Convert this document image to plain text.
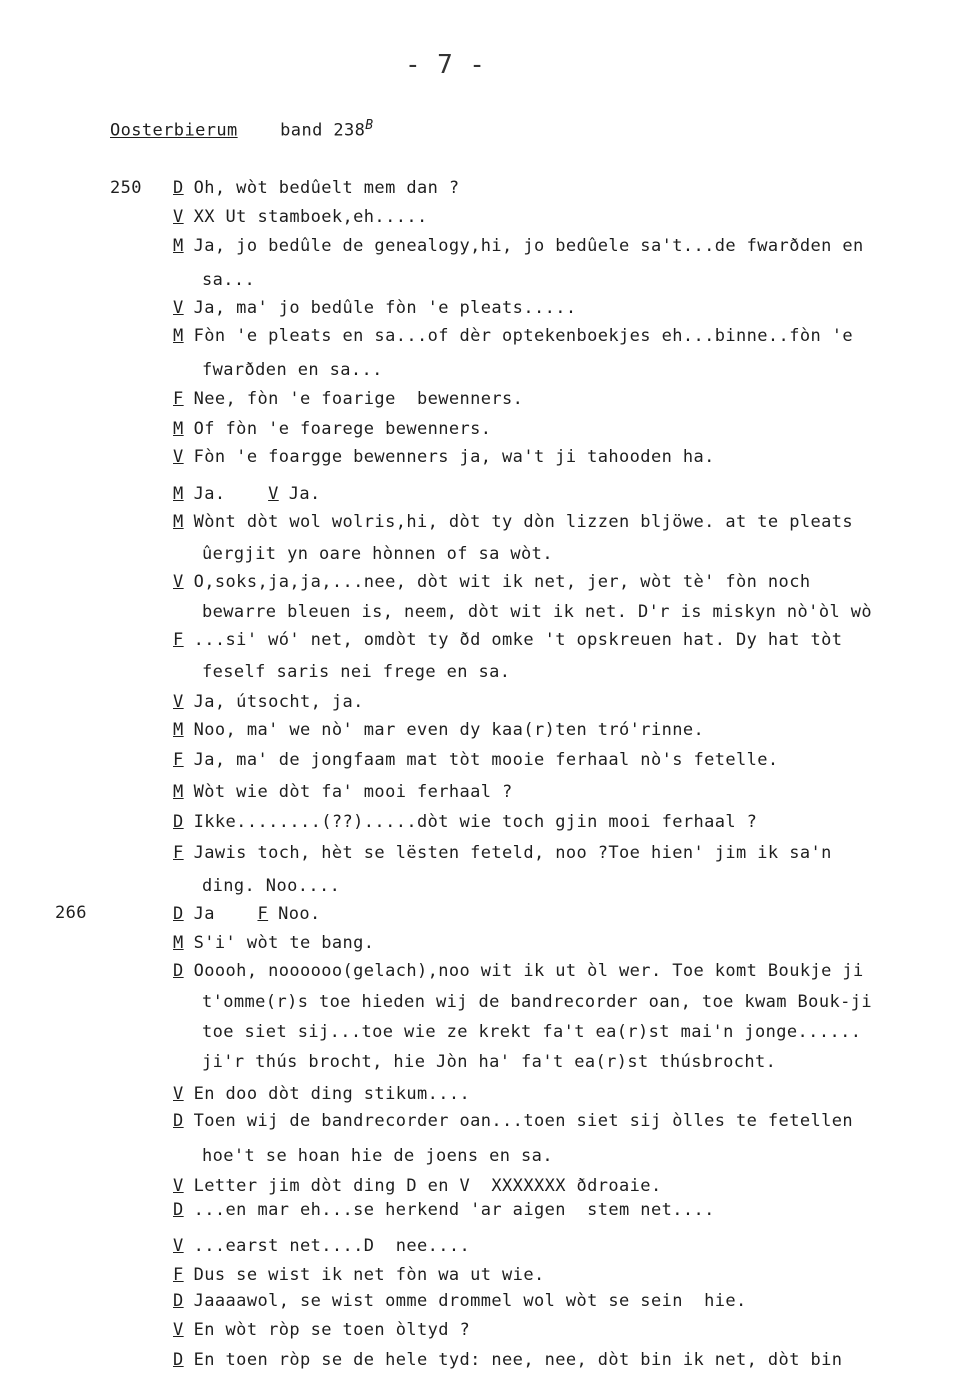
- 7 -
Oosterbierum	band $238^B$
250
266
D Oh, wòt bedûelt mem dan ?
V XX Ut stamboek,eh.....
M Ja, jo bedûle de genealogy,hi, jo bedûele sa't...de fwarðden en
sa...
V Ja, ma' jo bedûle fòn 'e pleats.....
M Fòn 'e pleats en sa...of dèr optekenboekjes eh...binne..fòn 'e
fwarðden en sa...
F Nee, fòn 'e foarige  bewenners.
M Of fòn 'e foarege bewenners.
V Fòn 'e foargge bewenners ja, wa't ji tahooden ha.
M Ja.	V Ja.
M Wònt dòt wol wolris,hi, dòt ty dòn lizzen bljöwe. at te pleats
ûergjit yn oare hònnen of sa wòt.
V O,soks,ja,ja,...nee, dòt wit ik net, jer, wòt tè' fòn noch
bewarre bleuen is, neem, dòt wit ik net. D'r is miskyn nò'òl wò
F ...si' wó' net, omdòt ty ðd omke 't opskreuen hat. Dy hat tòt
feself saris nei frege en sa.
V Ja, útsocht, ja.
M Noo, ma' we nò' mar even dy kaa(r)ten tró'rinne.
F Ja, ma' de jongfaam mat tòt mooie ferhaal nò's fetelle.
M Wòt wie dòt fa' mooi ferhaal ?
D Ikke........(??).....dòt wie toch gjin mooi ferhaal ?
F Jawis toch, hèt se lësten feteld, noo ?Toe hien' jim ik sa'n
ding. Noo....
D Ja	F Noo.
M S'i' wòt te bang.
D Ooooh, noooooo(gelach),noo wit ik ut òl wer. Toe komt Boukje ji
t'omme(r)s toe hieden wij de bandrecorder oan, toe kwam Bouk-ji
toe siet sij...toe wie ze krekt fa't ea(r)st mai'n jonge......
ji'r thús brocht, hie Jòn ha' fa't ea(r)st thúsbrocht.
V En doo dòt ding stikum....
D Toen wij de bandrecorder oan...toen siet sij òlles te fetellen
hoe't se hoan hie de joens en sa.
V Letter jim dòt ding D en V  XXXXXXX ðdroaie.
D ...en mar eh...se herkend 'ar aigen  stem net....
V ...earst net....D  nee....
F Dus se wist ik net fòn wa ut wie.
D Jaaaawol, se wist omme drommel wol wòt se sein  hie.
V En wòt ròp se toen òltyd ?
D En toen ròp se de hele tyd: nee, nee, dòt bin ik net, dòt bin
